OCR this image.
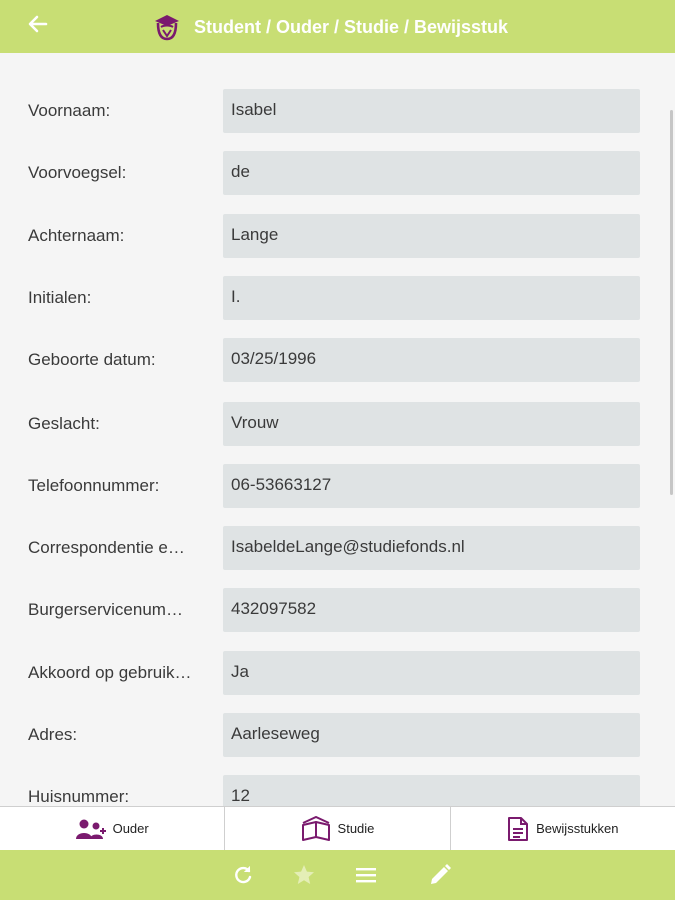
Student / Ouder / Studie / Bewijsstuk
Voornaam:	Isabel
Voorvoegsel:	de
Achternaam:	Lange
Initialen:	I.
Geboorte datum:	03/25/1996
Geslacht:	Vrouw
Telefoonnummer:	06-53663127
Correspondentie e…	IsabeldeLange@studiefonds.nl
Burgerservicenum…	432097582
Akkoord op gebruik…	Ja
Adres:	Aarleseweg
Huisnummer:	12
Ouder	Studie	Bewijsstukken
